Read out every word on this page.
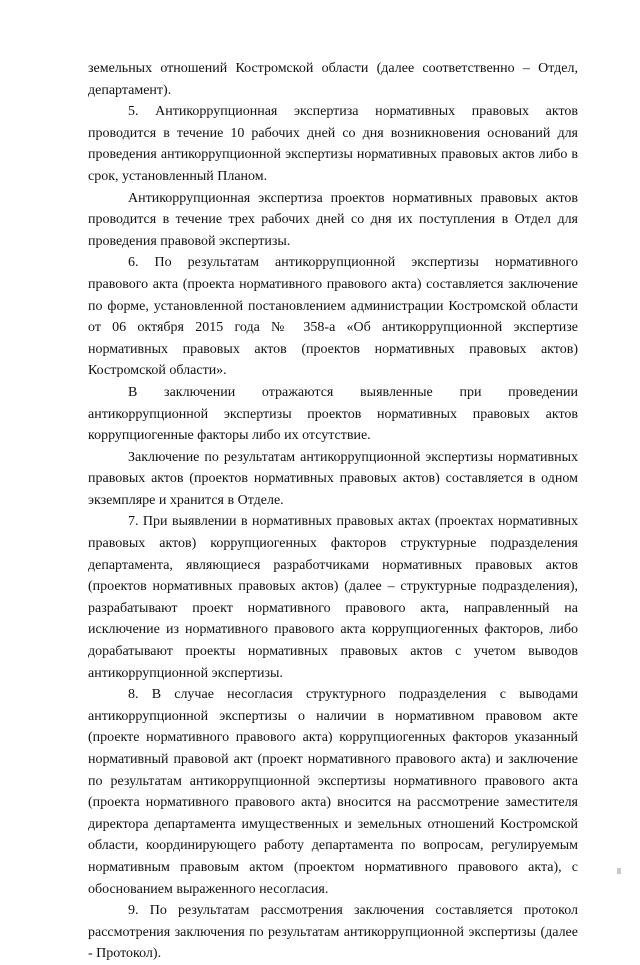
земельных отношений Костромской области (далее соответственно – Отдел, департамент).

5. Антикоррупционная экспертиза нормативных правовых актов проводится в течение 10 рабочих дней со дня возникновения оснований для проведения антикоррупционной экспертизы нормативных правовых актов либо в срок, установленный Планом.

Антикоррупционная экспертиза проектов нормативных правовых актов проводится в течение трех рабочих дней со дня их поступления в Отдел для проведения правовой экспертизы.

6. По результатам антикоррупционной экспертизы нормативного правового акта (проекта нормативного правового акта) составляется заключение по форме, установленной постановлением администрации Костромской области от 06 октября 2015 года № 358-а «Об антикоррупционной экспертизе нормативных правовых актов (проектов нормативных правовых актов) Костромской области».

В заключении отражаются выявленные при проведении антикоррупционной экспертизы проектов нормативных правовых актов коррупциогенные факторы либо их отсутствие.

Заключение по результатам антикоррупционной экспертизы нормативных правовых актов (проектов нормативных правовых актов) составляется в одном экземпляре и хранится в Отделе.

7. При выявлении в нормативных правовых актах (проектах нормативных правовых актов) коррупциогенных факторов структурные подразделения департамента, являющиеся разработчиками нормативных правовых актов (проектов нормативных правовых актов) (далее – структурные подразделения), разрабатывают проект нормативного правового акта, направленный на исключение из нормативного правового акта коррупциогенных факторов, либо дорабатывают проекты нормативных правовых актов с учетом выводов антикоррупционной экспертизы.

8. В случае несогласия структурного подразделения с выводами антикоррупционной экспертизы о наличии в нормативном правовом акте (проекте нормативного правового акта) коррупциогенных факторов указанный нормативный правовой акт (проект нормативного правового акта) и заключение по результатам антикоррупционной экспертизы нормативного правового акта (проекта нормативного правового акта) вносится на рассмотрение заместителя директора департамента имущественных и земельных отношений Костромской области, координирующего работу департамента по вопросам, регулируемым нормативным правовым актом (проектом нормативного правового акта), с обоснованием выраженного несогласия.

9. По результатам рассмотрения заключения составляется протокол рассмотрения заключения по результатам антикоррупционной экспертизы (далее - Протокол).
